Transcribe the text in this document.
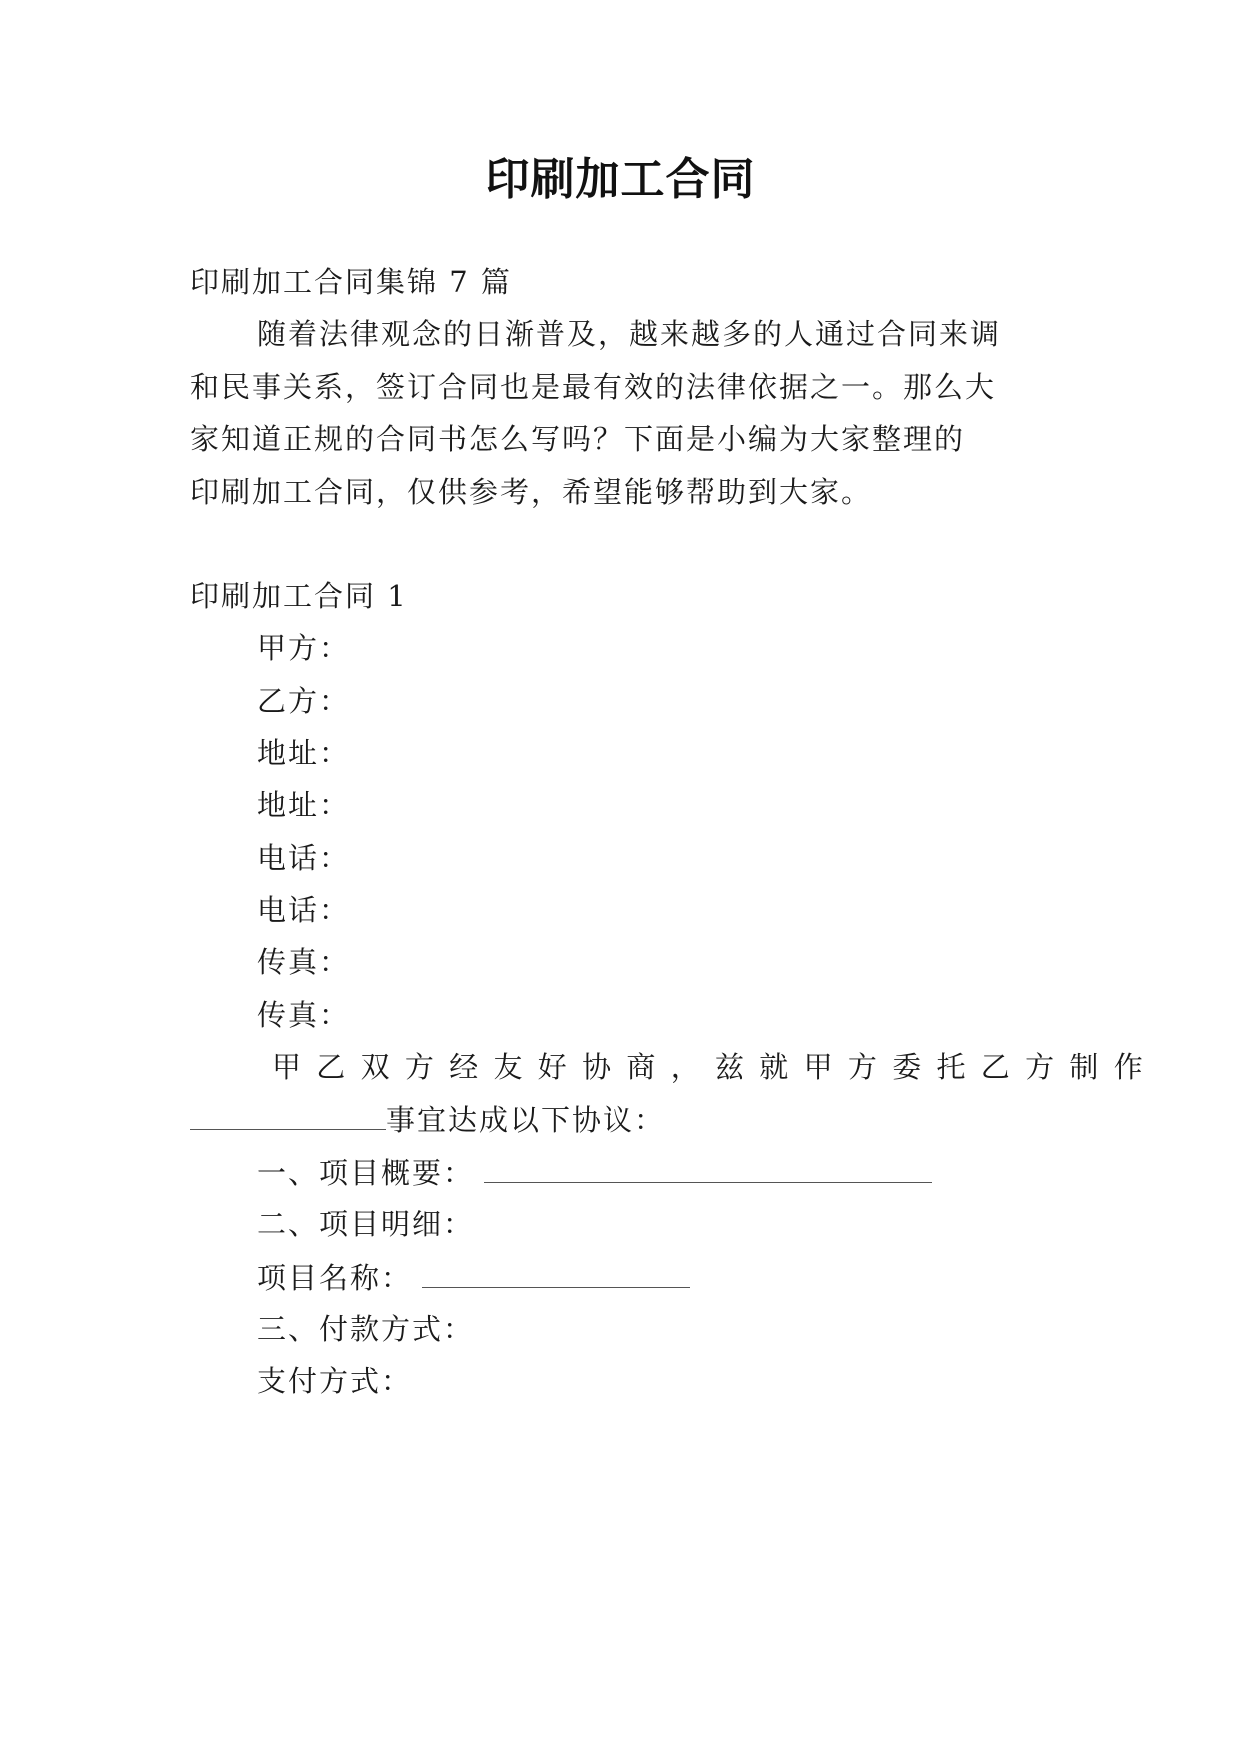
印刷加工合同
印刷加工合同集锦 7 篇
随着法律观念的日渐普及，越来越多的人通过合同来调
和民事关系，签订合同也是最有效的法律依据之一。那么大
家知道正规的合同书怎么写吗？下面是小编为大家整理的
印刷加工合同，仅供参考，希望能够帮助到大家。
印刷加工合同 1
甲方：
乙方：
地址：
地址：
电话：
电话：
传真：
传真：
甲乙双方经友好协商，兹就甲方委托乙方制作
事宜达成以下协议：
一、项目概要：
二、项目明细：
项目名称：
三、付款方式：
支付方式：
